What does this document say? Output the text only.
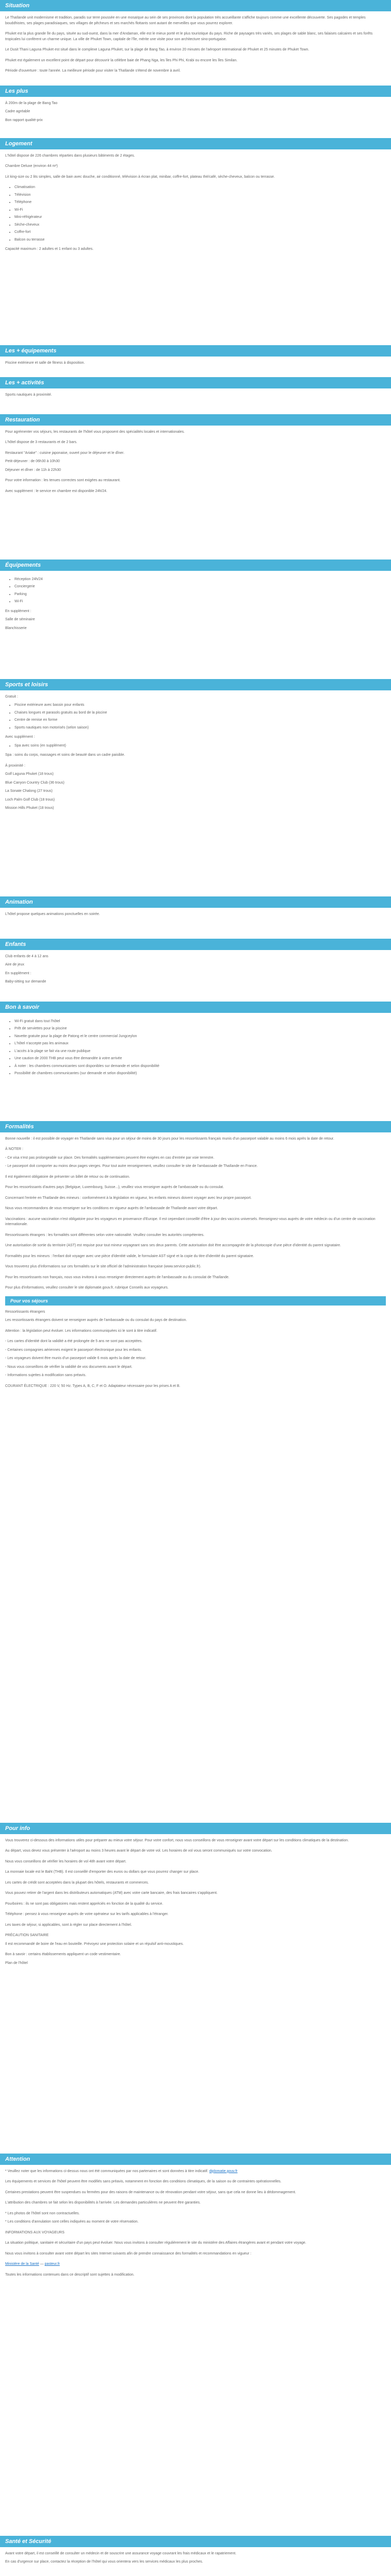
Situation

Le Thaïlande unit modernisme et tradition, paradis sur terre poussée en une mosaïque au sein de ses provinces dont la population très accueillante s'affiche toujours comme une excellente découverte. Ses pagodes et temples bouddhistes, ses plages paradisiaques, ses villages de pêcheurs et ses marchés flottants sont autant de merveilles que vous pourrez explorer.

Phuket est la plus grande île du pays, située au sud-ouest, dans la mer d'Andaman, elle est le mieux porté et le plus touristique du pays. Riche de paysages très variés, ses plages de sable blanc, ses falaises calcaires et ses forêts tropicales lui confèrent un charme unique. La ville de Phuket Town, capitale de l'île, mérite une visite pour son architecture sino-portugaise.

Le Dusit Thani Laguna Phuket est situé dans le complexe Laguna Phuket, sur la plage de Bang Tao, à environ 20 minutes de l'aéroport international de Phuket et 25 minutes de Phuket Town.

Phuket est également un excellent point de départ pour découvrir la célèbre baie de Phang Nga, les îles Phi Phi, Krabi ou encore les îles Similan.

Période d'ouverture : toute l'année. La meilleure période pour visiter la Thaïlande s'étend de novembre à avril.

Les plus

À 200m de la plage de Bang Tao

Cadre agréable

Bon rapport qualité-prix

Logement

L'hôtel dispose de 226 chambres réparties dans plusieurs bâtiments de 2 étages.

Chambre Deluxe (environ 44 m²)

Lit king-size ou 2 lits simples, salle de bain avec douche, air conditionné, télévision à écran plat, minibar, coffre-fort, plateau thé/café, sèche-cheveux, balcon ou terrasse.

• Climatisation
• Télévision
• Téléphone
• Wi-Fi
• Mini-réfrigérateur
• Sèche-cheveux
• Coffre-fort
• Balcon ou terrasse

Capacité maximum : 2 adultes et 1 enfant ou 3 adultes.

Les + équipements

Piscine extérieure et salle de fitness à disposition.

Les + activités

Sports nautiques à proximité.

Restauration

Pour agrémenter vos séjours, les restaurants de l'hôtel vous proposent des spécialités locales et internationales.

L'hôtel dispose de 3 restaurants et de 2 bars.

Restaurant "Ariake" : cuisine japonaise, ouvert pour le déjeuner et le dîner.

Petit-déjeuner : de 06h30 à 10h30

Déjeuner et dîner : de 11h à 22h30

Pour votre information : les tenues correctes sont exigées au restaurant.

Avec supplément : le service en chambre est disponible 24h/24.

Équipements
• Réception 24h/24
• Conciergerie
• Parking
• Wi-Fi

En supplément :

Salle de séminaire

Blanchisserie

Sports et loisirs

Gratuit :

• Piscine extérieure avec bassin pour enfants
• Chaises longues et parasols gratuits au bord de la piscine
• Centre de remise en forme
• Sports nautiques non motorisés (selon saison)

Avec supplément :

• Spa avec soins (en supplément)

Spa : soins du corps, massages et soins de beauté dans un cadre paisible.

À proximité :

Golf Laguna Phuket (18 trous)

Blue Canyon Country Club (36 trous)

La Sonate Chalong (27 trous)

Loch Palm Golf Club (18 trous)

Mission Hills Phuket (18 trous)

Animation

L'hôtel propose quelques animations ponctuelles en soirée.

Enfants

Club enfants de 4 à 12 ans

Aire de jeux

En supplément :

Baby-sitting sur demande

Bon à savoir
• Wi-Fi gratuit dans tout l'hôtel
• Prêt de serviettes pour la piscine
• Navette gratuite pour la plage de Patong et le centre commercial Jungceylon
• L'hôtel n'accepte pas les animaux
• L'accès à la plage se fait via une route publique
• Une caution de 2000 THB peut vous être demandée à votre arrivée
• À noter : les chambres communicantes sont disponibles sur demande et selon disponibilité
• Possibilité de chambres communicantes (sur demande et selon disponibilité)
Formalités

Bonne nouvelle : il est possible de voyager en Thaïlande sans visa pour un séjour de moins de 30 jours pour les ressortissants français munis d'un passeport valable au moins 6 mois après la date de retour.

À NOTER :

- Ce visa n'est pas prolongeable sur place. Des formalités supplémentaires peuvent être exigées en cas d'entrée par voie terrestre.

- Le passeport doit comporter au moins deux pages vierges. Pour tout autre renseignement, veuillez consulter le site de l'ambassade de Thaïlande en France.

Il est également obligatoire de présenter un billet de retour ou de continuation.

Pour les ressortissants d'autres pays (Belgique, Luxembourg, Suisse...), veuillez vous renseigner auprès de l'ambassade ou du consulat.

Concernant l'entrée en Thaïlande des mineurs : conformément à la législation en vigueur, les enfants mineurs doivent voyager avec leur propre passeport.

Nous vous recommandons de vous renseigner sur les conditions en vigueur auprès de l'ambassade de Thaïlande avant votre départ.

Vaccinations : aucune vaccination n'est obligatoire pour les voyageurs en provenance d'Europe. Il est cependant conseillé d'être à jour des vaccins universels. Renseignez-vous auprès de votre médecin ou d'un centre de vaccination internationale.

Ressortissants étrangers : les formalités sont différentes selon votre nationalité. Veuillez consulter les autorités compétentes.

Une autorisation de sortie du territoire (AST) est requise pour tout mineur voyageant sans ses deux parents. Cette autorisation doit être accompagnée de la photocopie d'une pièce d'identité du parent signataire.

Formalités pour les mineurs : l'enfant doit voyager avec une pièce d'identité valide, le formulaire AST signé et la copie du titre d'identité du parent signataire.

Vous trouverez plus d'informations sur ces formalités sur le site officiel de l'administration française (www.service-public.fr).

Pour les ressortissants non français, nous vous invitons à vous renseigner directement auprès de l'ambassade ou du consulat de Thaïlande.

Pour plus d'informations, veuillez consulter le site diplomatie.gouv.fr, rubrique Conseils aux voyageurs.

Pour vos séjours

Ressortissants étrangers

Les ressortissants étrangers doivent se renseigner auprès de l'ambassade ou du consulat du pays de destination.

Attention : la législation peut évoluer. Les informations communiquées ici le sont à titre indicatif.

- Les cartes d'identité dont la validité a été prolongée de 5 ans ne sont pas acceptées.

- Certaines compagnies aériennes exigent le passeport électronique pour les enfants.

- Les voyageurs doivent être munis d'un passeport valide 6 mois après la date de retour.

- Nous vous conseillons de vérifier la validité de vos documents avant le départ.

- Informations sujettes à modification sans préavis.

COURANT ÉLECTRIQUE : 220 V, 50 Hz. Types A, B, C, F et O. Adaptateur nécessaire pour les prises A et B.

Pour info

Vous trouverez ci-dessous des informations utiles pour préparer au mieux votre séjour. Pour votre confort, nous vous conseillons de vous renseigner avant votre départ sur les conditions climatiques de la destination.

Au départ, vous devez vous présenter à l'aéroport au moins 3 heures avant le départ de votre vol. Les horaires de vol vous seront communiqués sur votre convocation.

Nous vous conseillons de vérifier les horaires de vol 48h avant votre départ.

La monnaie locale est le Baht (THB). Il est conseillé d'emporter des euros ou dollars que vous pourrez changer sur place.

Les cartes de crédit sont acceptées dans la plupart des hôtels, restaurants et commerces.

Vous pouvez retirer de l'argent dans les distributeurs automatiques (ATM) avec votre carte bancaire, des frais bancaires s'appliquent.

Pourboires : ils ne sont pas obligatoires mais restent appréciés en fonction de la qualité du service.

Téléphone : pensez à vous renseigner auprès de votre opérateur sur les tarifs applicables à l'étranger.

Les taxes de séjour, si applicables, sont à régler sur place directement à l'hôtel.

PRÉCAUTION SANITAIRE

Il est recommandé de boire de l'eau en bouteille. Prévoyez une protection solaire et un répulsif anti-moustiques.

Bon à savoir : certains établissements appliquent un code vestimentaire.

Plan de l'hôtel

Attention

* Veuillez noter que les informations ci-dessus nous ont été communiquées par nos partenaires et sont données à titre indicatif. diplomatie.gouv.fr

Les équipements et services de l'hôtel peuvent être modifiés sans préavis, notamment en fonction des conditions climatiques, de la saison ou de contraintes opérationnelles.

Certaines prestations peuvent être suspendues ou fermées pour des raisons de maintenance ou de rénovation pendant votre séjour, sans que cela ne donne lieu à dédommagement.

L'attribution des chambres se fait selon les disponibilités à l'arrivée. Les demandes particulières ne peuvent être garanties.

* Les photos de l'hôtel sont non contractuelles.

* Les conditions d'annulation sont celles indiquées au moment de votre réservation.

INFORMATIONS AUX VOYAGEURS

La situation politique, sanitaire et sécuritaire d'un pays peut évoluer. Nous vous invitons à consulter régulièrement le site du ministère des Affaires étrangères avant et pendant votre voyage.

Nous vous invitons à consulter avant votre départ les sites Internet suivants afin de prendre connaissance des formalités et recommandations en vigueur :

Ministère de la Santé — pasteur.fr

Toutes les informations contenues dans ce descriptif sont sujettes à modification.

Santé et Sécurité

Avant votre départ, il est conseillé de consulter un médecin et de souscrire une assurance voyage couvrant les frais médicaux et le rapatriement.

En cas d'urgence sur place, contactez la réception de l'hôtel qui vous orientera vers les services médicaux les plus proches.
